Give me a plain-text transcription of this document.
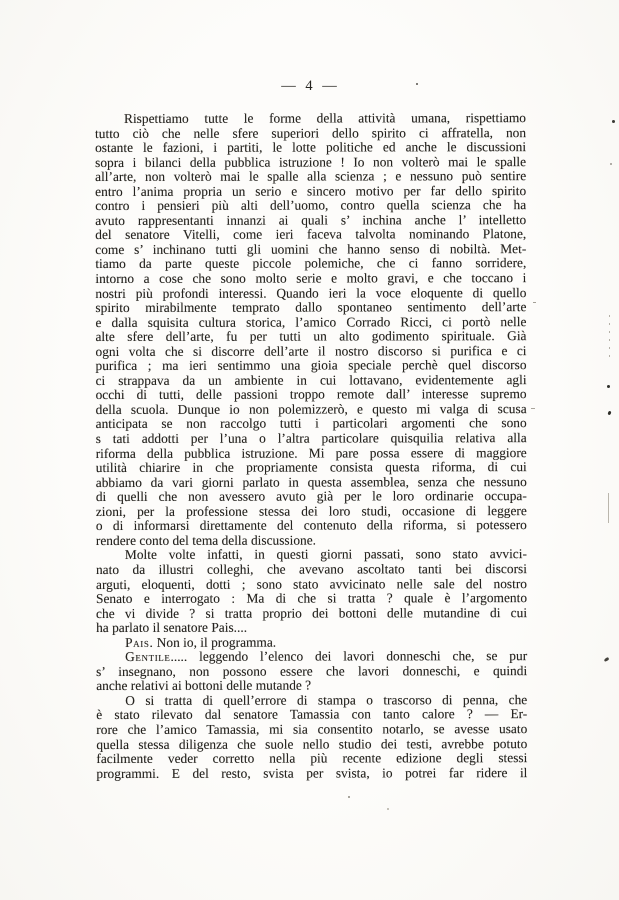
— 4 —
Rispettiamo tutte le forme della attività umana, rispettiamo
tutto ciò che nelle sfere superiori dello spirito ci affratella, non
ostante le fazioni, i partiti, le lotte politiche ed anche le discussioni
sopra i bilanci della pubblica istruzione ! Io non volterò mai le spalle
all’arte, non volterò mai le spalle alla scienza ; e nessuno può sentire
entro l’anima propria un serio e sincero motivo per far dello spirito
contro i pensieri più alti dell’uomo, contro quella scienza che ha
avuto rappresentanti innanzi ai quali s’ inchina anche l’ intelletto
del senatore Vitelli, come ieri faceva talvolta nominando Platone,
come s’ inchinano tutti gli uomini che hanno senso di nobiltà. Met-
tiamo da parte queste piccole polemiche, che ci fanno sorridere,
intorno a cose che sono molto serie e molto gravi, e che toccano i
nostri più profondi interessi. Quando ieri la voce eloquente di quello
spirito mirabilmente temprato dallo spontaneo sentimento dell’arte
e dalla squisita cultura storica, l’amico Corrado Ricci, ci portò nelle
alte sfere dell’arte, fu per tutti un alto godimento spirituale. Già
ogni volta che si discorre dell’arte il nostro discorso si purifica e ci
purifica ; ma ieri sentimmo una gioia speciale perchè quel discorso
ci strappava da un ambiente in cui lottavano, evidentemente agli
occhi di tutti, delle passioni troppo remote dall’ interesse supremo
della scuola. Dunque io non polemizzerò, e questo mi valga di scusa
anticipata se non raccolgo tutti i particolari argomenti che sono
s tati addotti per l’una o l’altra particolare quisquilia relativa alla
riforma della pubblica istruzione. Mi pare possa essere di maggiore
utilità chiarire in che propriamente consista questa riforma, di cui
abbiamo da vari giorni parlato in questa assemblea, senza che nessuno
di quelli che non avessero avuto già per le loro ordinarie occupa-
zioni, per la professione stessa dei loro studi, occasione di leggere
o di informarsi direttamente del contenuto della riforma, si potessero
rendere conto del tema della discussione.
Molte volte infatti, in questi giorni passati, sono stato avvici-
nato da illustri colleghi, che avevano ascoltato tanti bei discorsi
arguti, eloquenti, dotti ; sono stato avvicinato nelle sale del nostro
Senato e interrogato : Ma di che si tratta ? quale è l’argomento
che vi divide ? si tratta proprio dei bottoni delle mutandine di cui
ha parlato il senatore Pais....
Pais. Non io, il programma.
Gentile..... leggendo l’elenco dei lavori donneschi che, se pur
s’ insegnano, non possono essere che lavori donneschi, e quindi
anche relativi ai bottoni delle mutande ?
O si tratta di quell’errore di stampa o trascorso di penna, che
è stato rilevato dal senatore Tamassia con tanto calore ? — Er-
rore che l’amico Tamassia, mi sia consentito notarlo, se avesse usato
quella stessa diligenza che suole nello studio dei testi, avrebbe potuto
facilmente veder corretto nella più recente edizione degli stessi
programmi. E del resto, svista per svista, io potrei far ridere il
